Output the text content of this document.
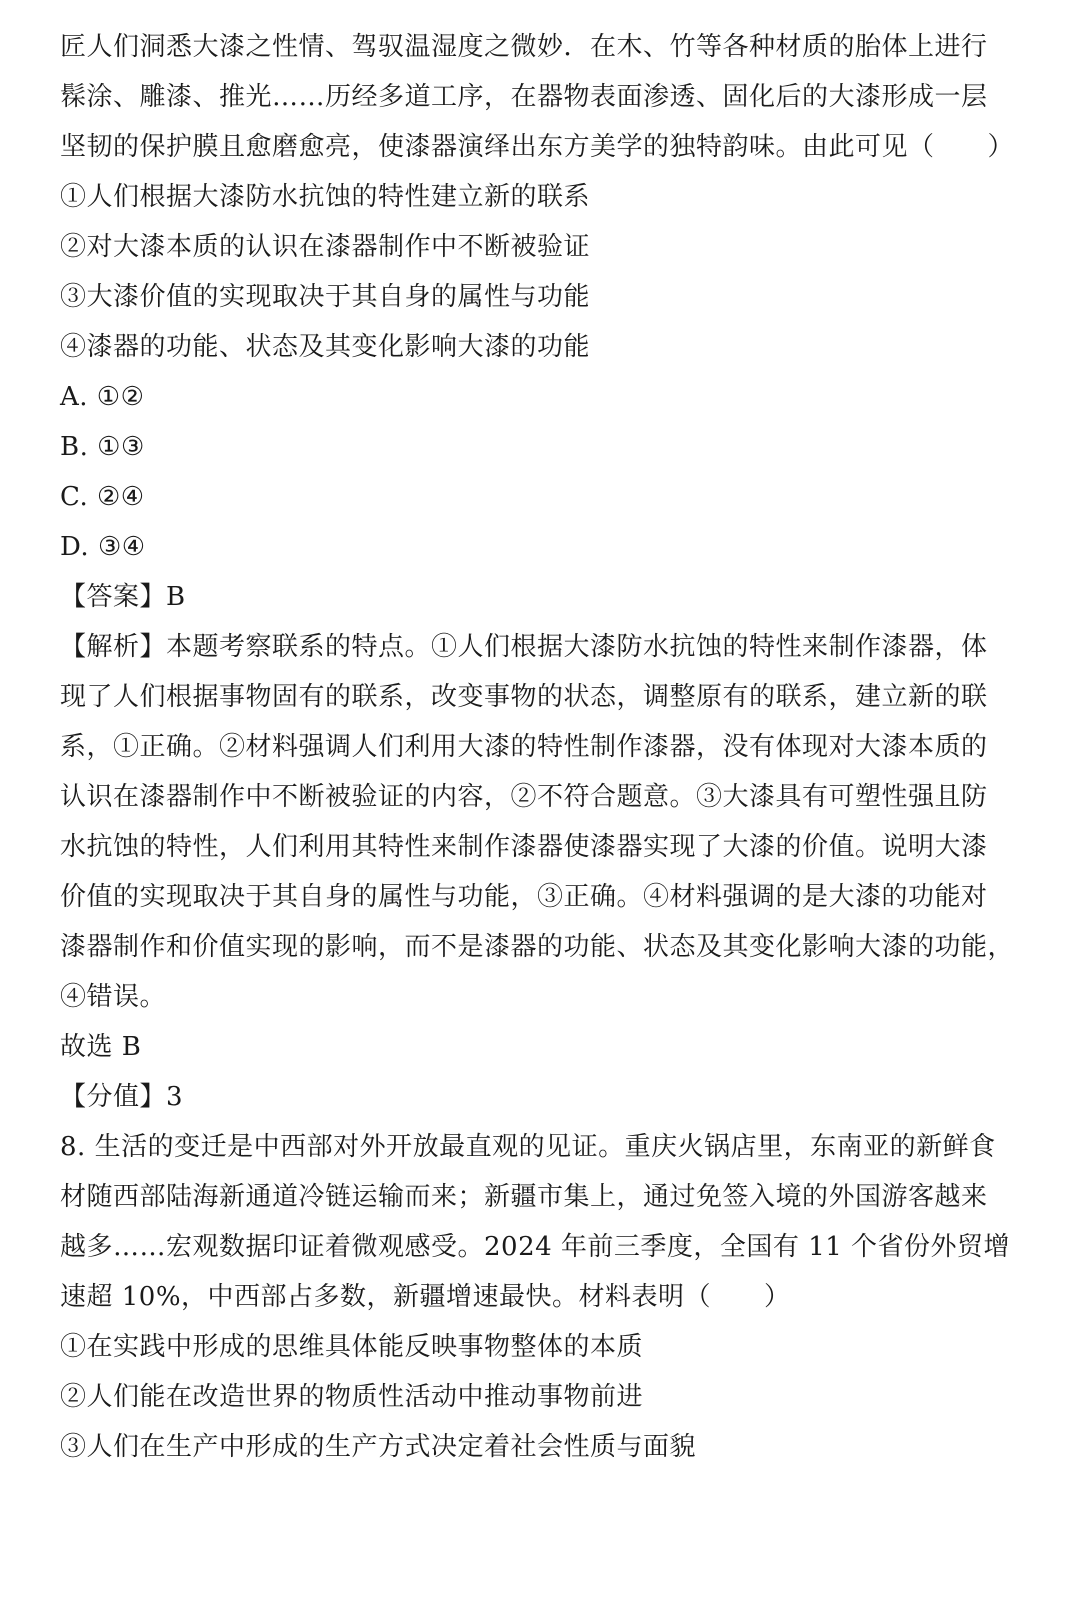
匠人们洞悉大漆之性情、驾驭温湿度之微妙．在木、竹等各种材质的胎体上进行
髹涂、雕漆、推光……历经多道工序，在器物表面渗透、固化后的大漆形成一层
坚韧的保护膜且愈磨愈亮，使漆器演绎出东方美学的独特韵味。由此可见（　　）
①人们根据大漆防水抗蚀的特性建立新的联系
②对大漆本质的认识在漆器制作中不断被验证
③大漆价值的实现取决于其自身的属性与功能
④漆器的功能、状态及其变化影响大漆的功能
A. ①②
B. ①③
C. ②④
D. ③④
【答案】B
【解析】本题考察联系的特点。①人们根据大漆防水抗蚀的特性来制作漆器，体
现了人们根据事物固有的联系，改变事物的状态，调整原有的联系，建立新的联
系，①正确。②材料强调人们利用大漆的特性制作漆器，没有体现对大漆本质的
认识在漆器制作中不断被验证的内容，②不符合题意。③大漆具有可塑性强且防
水抗蚀的特性，人们利用其特性来制作漆器使漆器实现了大漆的价值。说明大漆
价值的实现取决于其自身的属性与功能，③正确。④材料强调的是大漆的功能对
漆器制作和价值实现的影响，而不是漆器的功能、状态及其变化影响大漆的功能，
④错误。
故选 B
【分值】3
8. 生活的变迁是中西部对外开放最直观的见证。重庆火锅店里，东南亚的新鲜食
材随西部陆海新通道冷链运输而来；新疆市集上，通过免签入境的外国游客越来
越多……宏观数据印证着微观感受。2024 年前三季度，全国有 11 个省份外贸增
速超 10%，中西部占多数，新疆增速最快。材料表明（　　）
①在实践中形成的思维具体能反映事物整体的本质
②人们能在改造世界的物质性活动中推动事物前进
③人们在生产中形成的生产方式决定着社会性质与面貌
